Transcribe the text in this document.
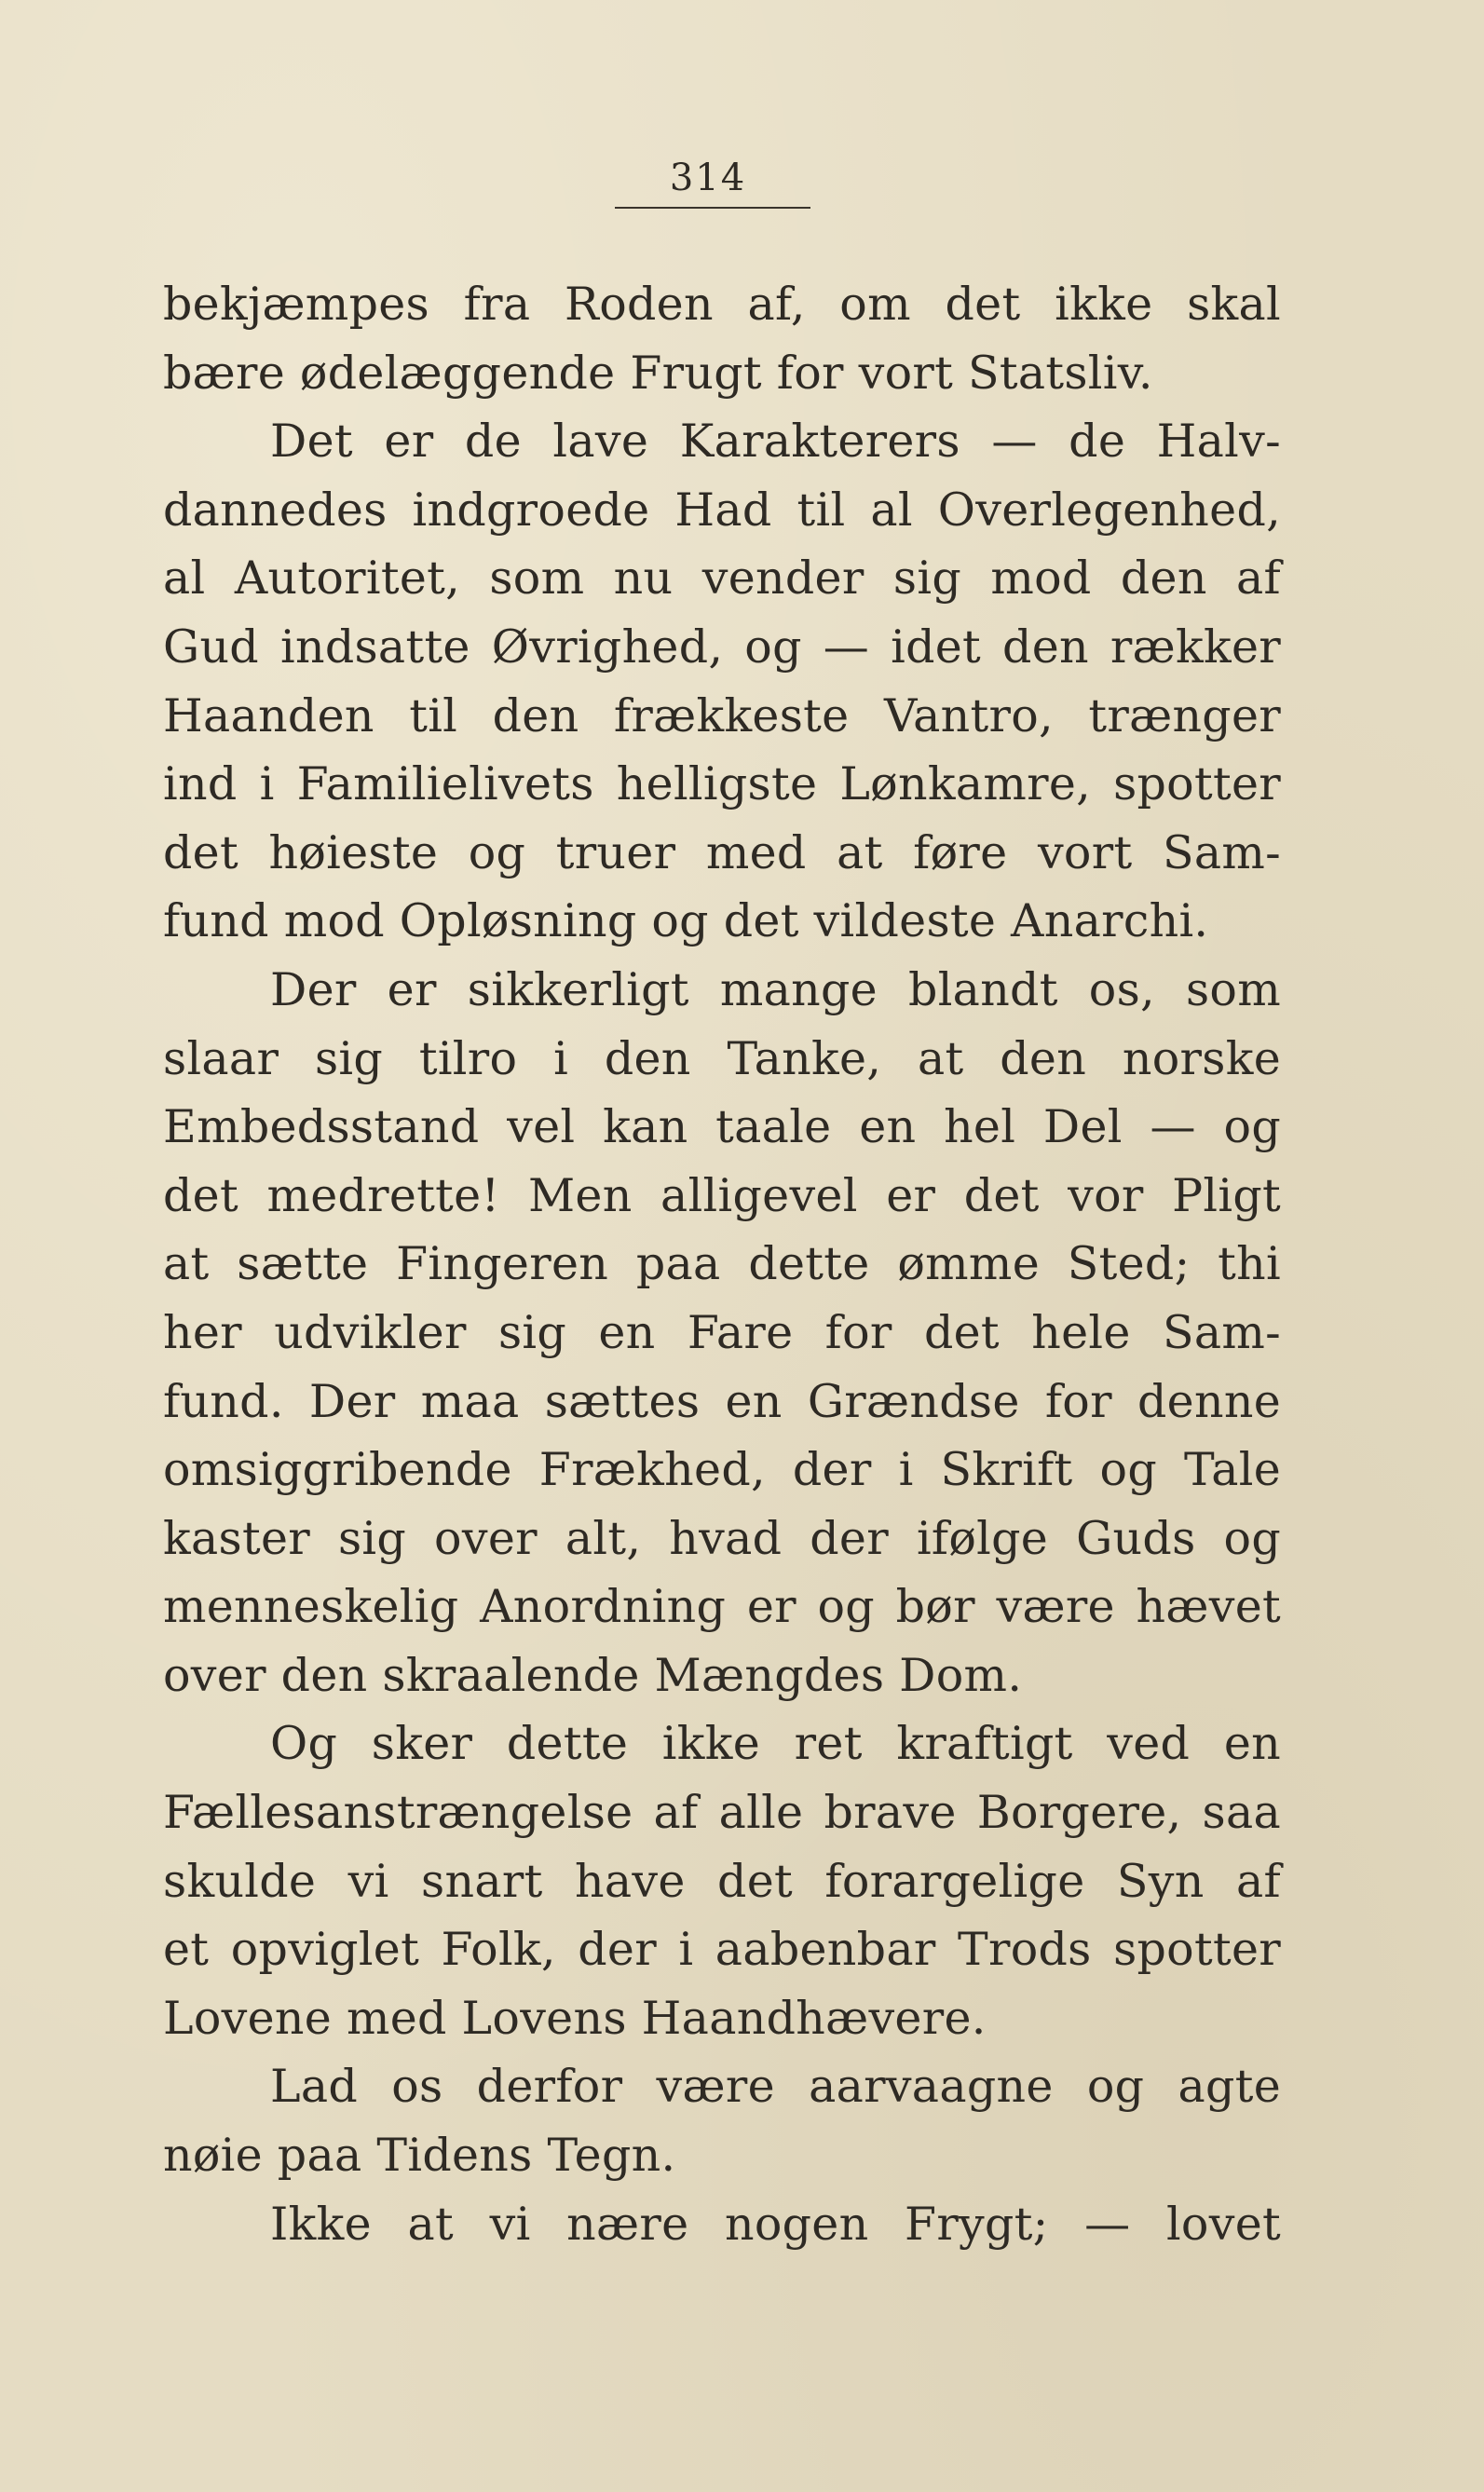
314
bekjæmpes fra Roden af, om det ikke skal
bære ødelæggende Frugt for vort Statsliv.
Det er de lave Karakterers — de Halv-
dannedes indgroede Had til al Overlegenhed,
al Autoritet, som nu vender sig mod den af
Gud indsatte Øvrighed, og — idet den rækker
Haanden til den frækkeste Vantro, trænger
ind i Familielivets helligste Lønkamre, spotter
det høieste og truer med at føre vort Sam-
fund mod Opløsning og det vildeste Anarchi.
Der er sikkerligt mange blandt os, som
slaar sig tilro i den Tanke, at den norske
Embedsstand vel kan taale en hel Del — og
det medrette! Men alligevel er det vor Pligt
at sætte Fingeren paa dette ømme Sted; thi
her udvikler sig en Fare for det hele Sam-
fund. Der maa sættes en Grændse for denne
omsiggribende Frækhed, der i Skrift og Tale
kaster sig over alt, hvad der ifølge Guds og
menneskelig Anordning er og bør være hævet
over den skraalende Mængdes Dom.
Og sker dette ikke ret kraftigt ved en
Fællesanstrængelse af alle brave Borgere, saa
skulde vi snart have det forargelige Syn af
et opviglet Folk, der i aabenbar Trods spotter
Lovene med Lovens Haandhævere.
Lad os derfor være aarvaagne og agte
nøie paa Tidens Tegn.
Ikke at vi nære nogen Frygt; — lovet
